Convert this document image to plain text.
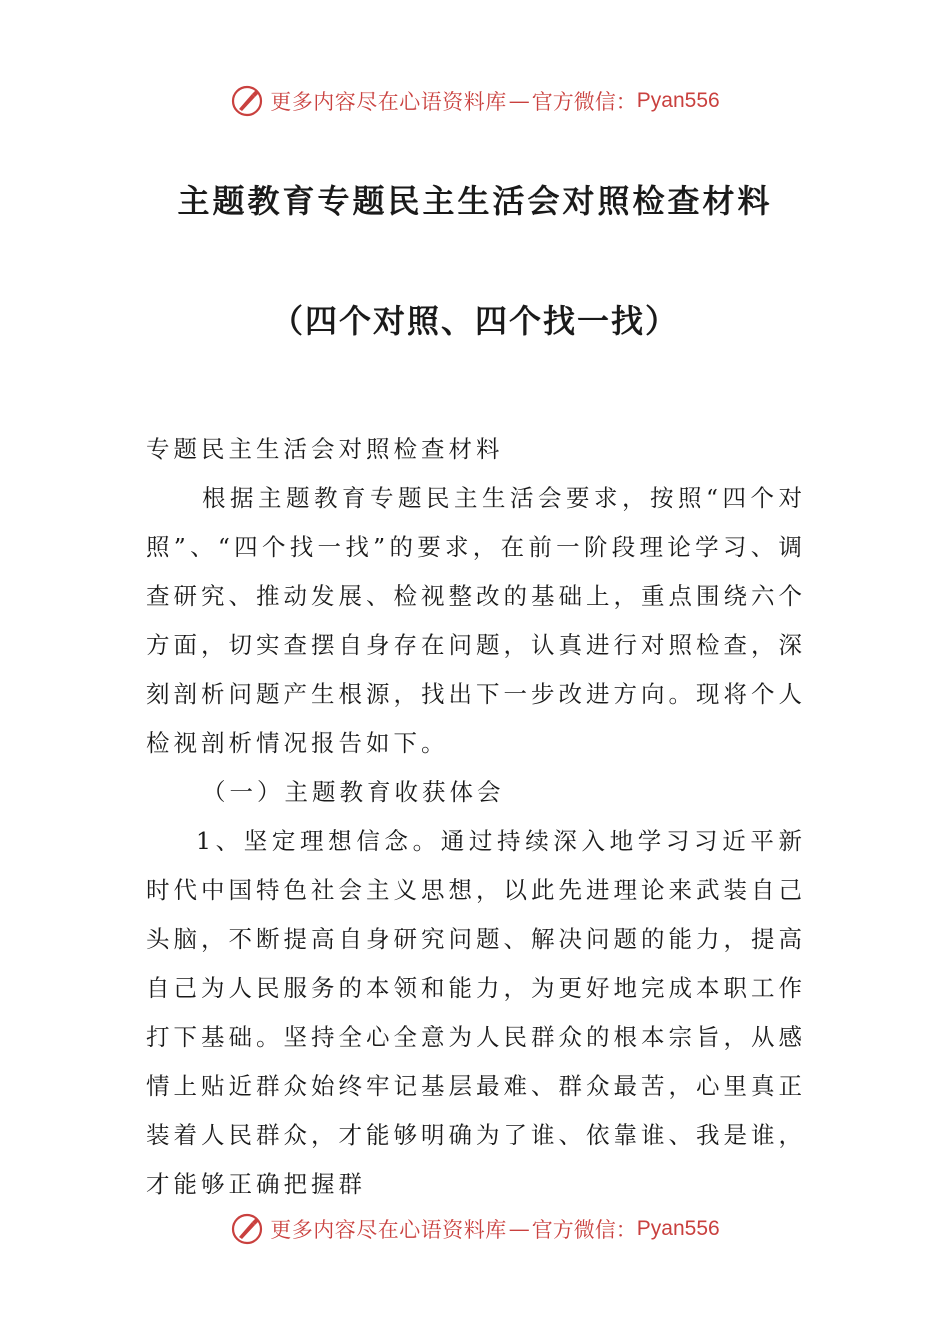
更多内容尽在心语资料库 — 官方微信： Pyan556
主题教育专题民主生活会对照检查材料
（四个对照、四个找一找）

专题民主生活会对照检查材料

根据主题教育专题民主生活会要求，按照“四个对照”、“四个找一找”的要求，在前一阶段理论学习、调查研究、推动发展、检视整改的基础上，重点围绕六个方面，切实查摆自身存在问题，认真进行对照检查，深刻剖析问题产生根源，找出下一步改进方向。现将个人检视剖析情况报告如下。

（一）主题教育收获体会

1、坚定理想信念。通过持续深入地学习习近平新时代中国特色社会主义思想，以此先进理论来武装自己头脑，不断提高自身研究问题、解决问题的能力，提高自己为人民服务的本领和能力，为更好地完成本职工作打下基础。坚持全心全意为人民群众的根本宗旨，从感情上贴近群众始终牢记基层最难、群众最苦，心里真正装着人民群众，才能够明确为了谁、依靠谁、我是谁，才能够正确把握群

更多内容尽在心语资料库 — 官方微信： Pyan556
